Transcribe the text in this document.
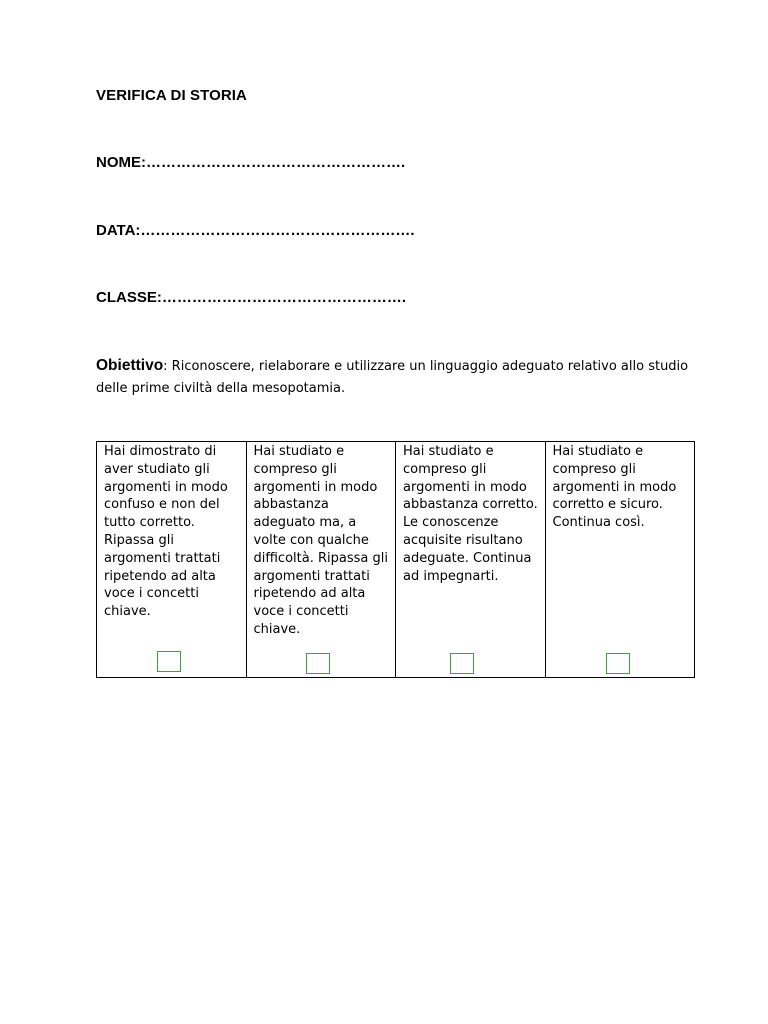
VERIFICA DI STORIA
NOME:…………………………………………….
DATA:……………………………………………….
CLASSE:………………………………………….
Obiettivo: Riconoscere, rielaborare e utilizzare un linguaggio adeguato relativo allo studio delle prime civiltà della mesopotamia.
Hai dimostrato di aver studiato gli argomenti in modo confuso e non del tutto corretto. Ripassa gli argomenti trattati ripetendo ad alta voce i concetti chiave.

Hai studiato e compreso gli argomenti in modo abbastanza adeguato ma, a volte con qualche difficoltà. Ripassa gli argomenti trattati ripetendo ad alta voce i concetti chiave.

Hai studiato e compreso gli argomenti in modo abbastanza corretto. Le conoscenze acquisite risultano adeguate. Continua ad impegnarti.

Hai studiato e compreso gli argomenti in modo corretto e sicuro. Continua così.
